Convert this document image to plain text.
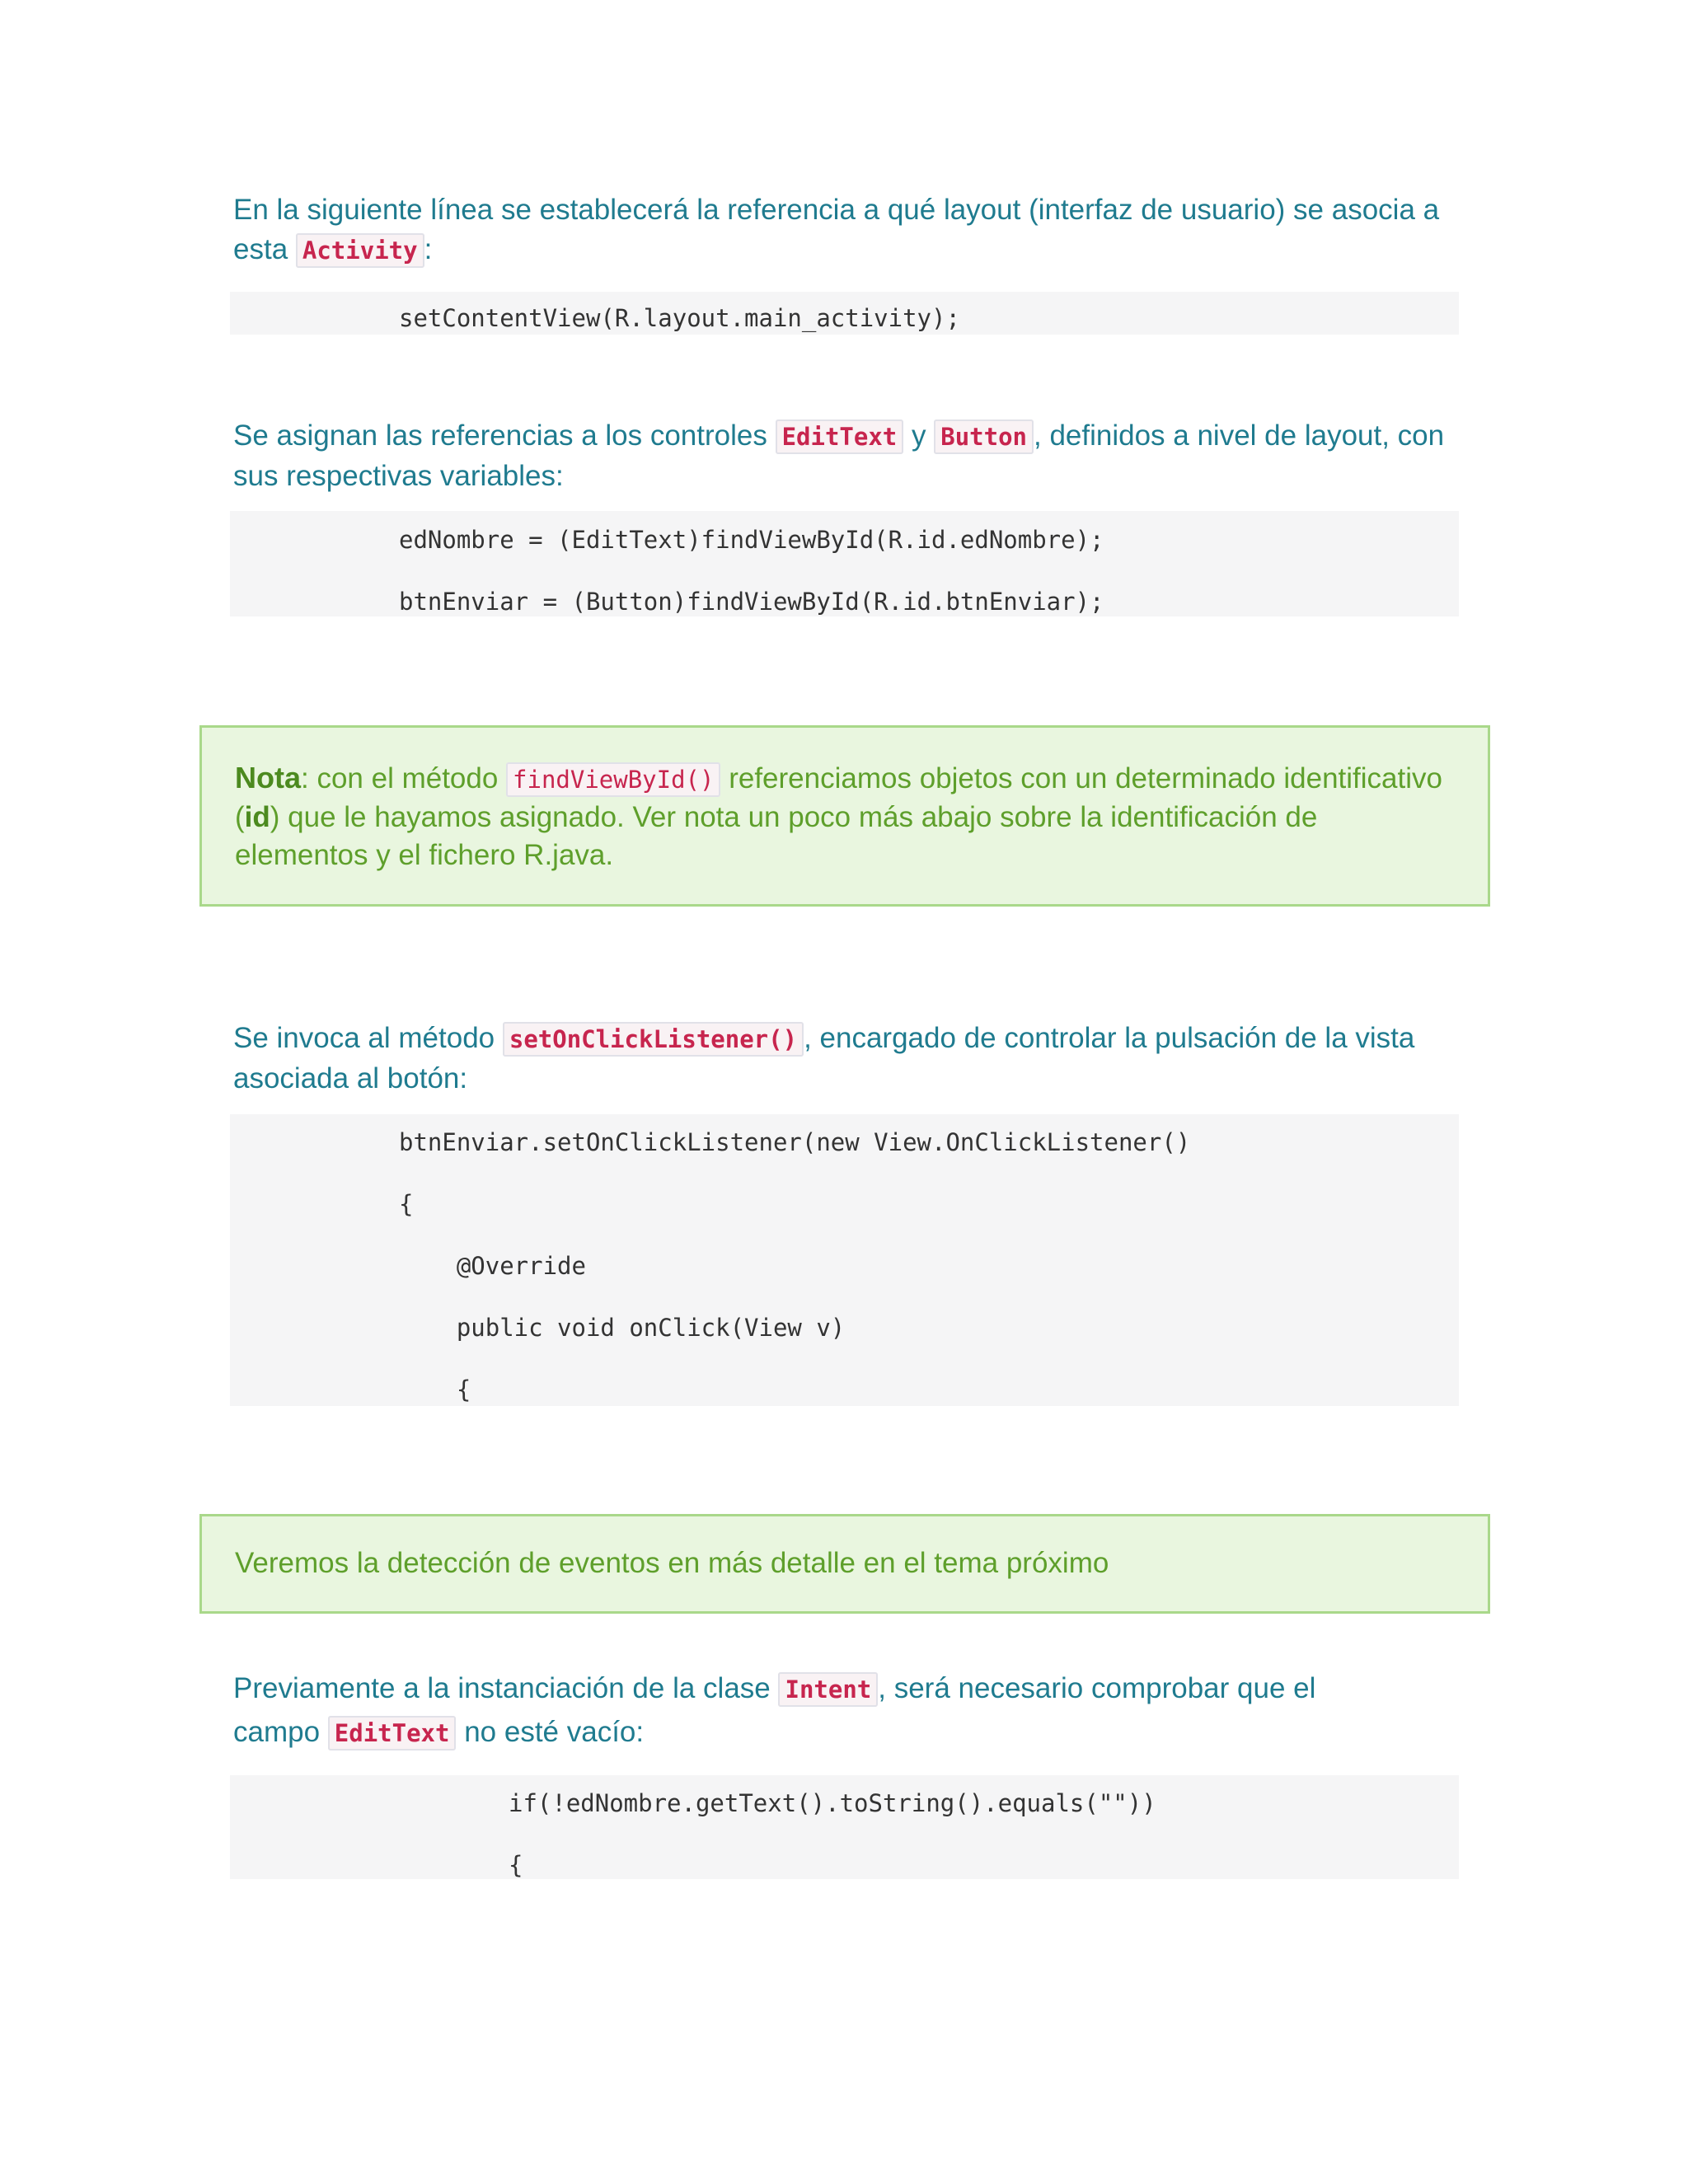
En la siguiente línea se establecerá la referencia a qué layout (interfaz de usuario) se asocia a esta Activity :
setContentView(R.layout.main_activity);
Se asignan las referencias a los controles EditText y Button , definidos a nivel de layout, con sus respectivas variables:
edNombre = (EditText)findViewById(R.id.edNombre);
btnEnviar = (Button)findViewById(R.id.btnEnviar);
Nota: con el método findViewById() referenciamos objetos con un determinado identificativo (id) que le hayamos asignado. Ver nota un poco más abajo sobre la identificación de elementos y el fichero R.java.
Se invoca al método setOnClickListener() , encargado de controlar la pulsación de la vista asociada al botón:
btnEnviar.setOnClickListener(new View.OnClickListener()
{
@Override
public void onClick(View v)
{
Veremos la detección de eventos en más detalle en el tema próximo
Previamente a la instanciación de la clase Intent , será necesario comprobar que el campo EditText no esté vacío:
if(!edNombre.getText().toString().equals(""))
{
